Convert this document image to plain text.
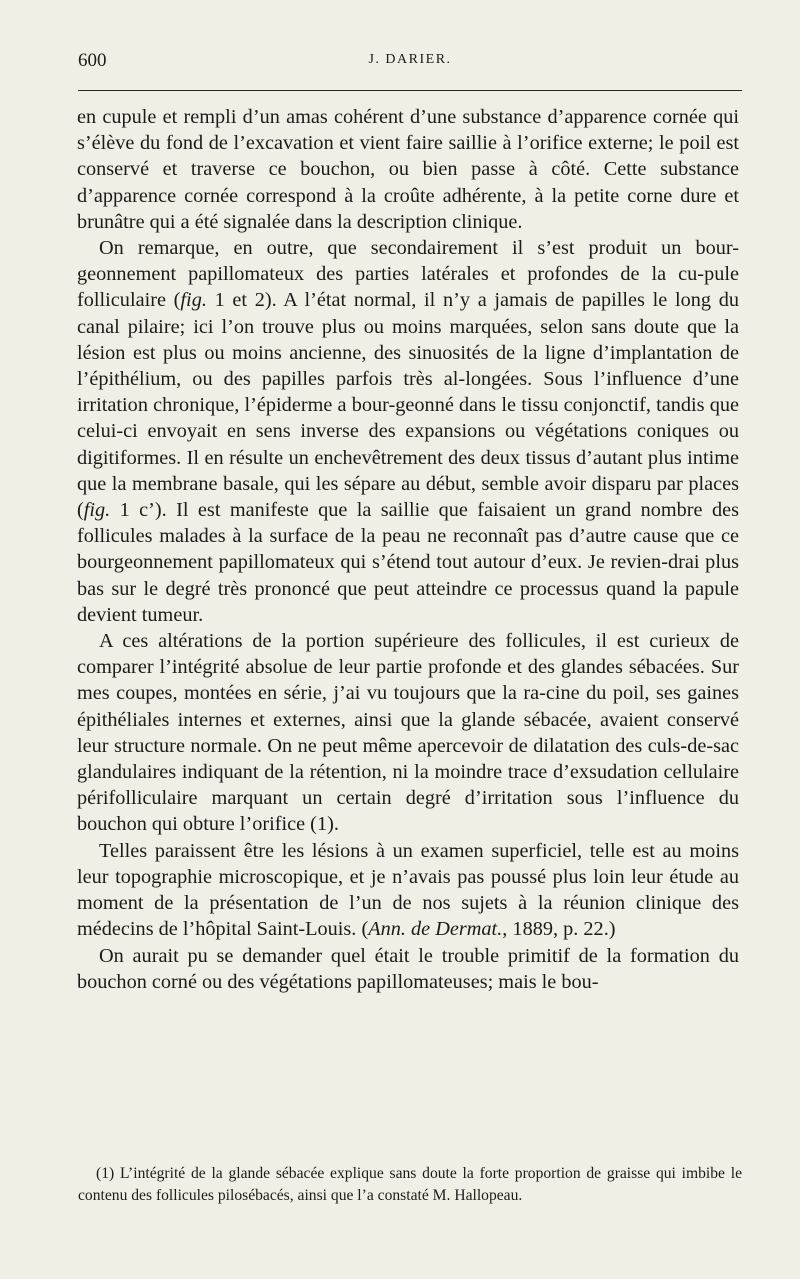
600	J. DARIER.

en cupule et rempli d’un amas cohérent d’une substance d’apparence cornée qui s’élève du fond de l’excavation et vient faire saillie à l’orifice externe; le poil est conservé et traverse ce bouchon, ou bien passe à côté. Cette substance d’apparence cornée correspond à la croûte adhérente, à la petite corne dure et brunâtre qui a été signalée dans la description clinique.

On remarque, en outre, que secondairement il s’est produit un bour-geonnement papillomateux des parties latérales et profondes de la cu-pule folliculaire (fig. 1 et 2). A l’état normal, il n’y a jamais de papilles le long du canal pilaire; ici l’on trouve plus ou moins marquées, selon sans doute que la lésion est plus ou moins ancienne, des sinuosités de la ligne d’implantation de l’épithélium, ou des papilles parfois très al-longées. Sous l’influence d’une irritation chronique, l’épiderme a bour-geonné dans le tissu conjonctif, tandis que celui-ci envoyait en sens inverse des expansions ou végétations coniques ou digitiformes. Il en résulte un enchevêtrement des deux tissus d’autant plus intime que la membrane basale, qui les sépare au début, semble avoir disparu par places (fig. 1 c’). Il est manifeste que la saillie que faisaient un grand nombre des follicules malades à la surface de la peau ne reconnaît pas d’autre cause que ce bourgeonnement papillomateux qui s’étend tout autour d’eux. Je revien-drai plus bas sur le degré très prononcé que peut atteindre ce processus quand la papule devient tumeur.

A ces altérations de la portion supérieure des follicules, il est curieux de comparer l’intégrité absolue de leur partie profonde et des glandes sébacées. Sur mes coupes, montées en série, j’ai vu toujours que la ra-cine du poil, ses gaines épithéliales internes et externes, ainsi que la glande sébacée, avaient conservé leur structure normale. On ne peut même apercevoir de dilatation des culs-de-sac glandulaires indiquant de la rétention, ni la moindre trace d’exsudation cellulaire périfolliculaire marquant un certain degré d’irritation sous l’influence du bouchon qui obture l’orifice (1).

Telles paraissent être les lésions à un examen superficiel, telle est au moins leur topographie microscopique, et je n’avais pas poussé plus loin leur étude au moment de la présentation de l’un de nos sujets à la réunion clinique des médecins de l’hôpital Saint-Louis. (Ann. de Dermat., 1889, p. 22.)

On aurait pu se demander quel était le trouble primitif de la formation du bouchon corné ou des végétations papillomateuses; mais le bou-

(1) L’intégrité de la glande sébacée explique sans doute la forte proportion de graisse qui imbibe le contenu des follicules pilosébacés, ainsi que l’a constaté M. Hallopeau.
